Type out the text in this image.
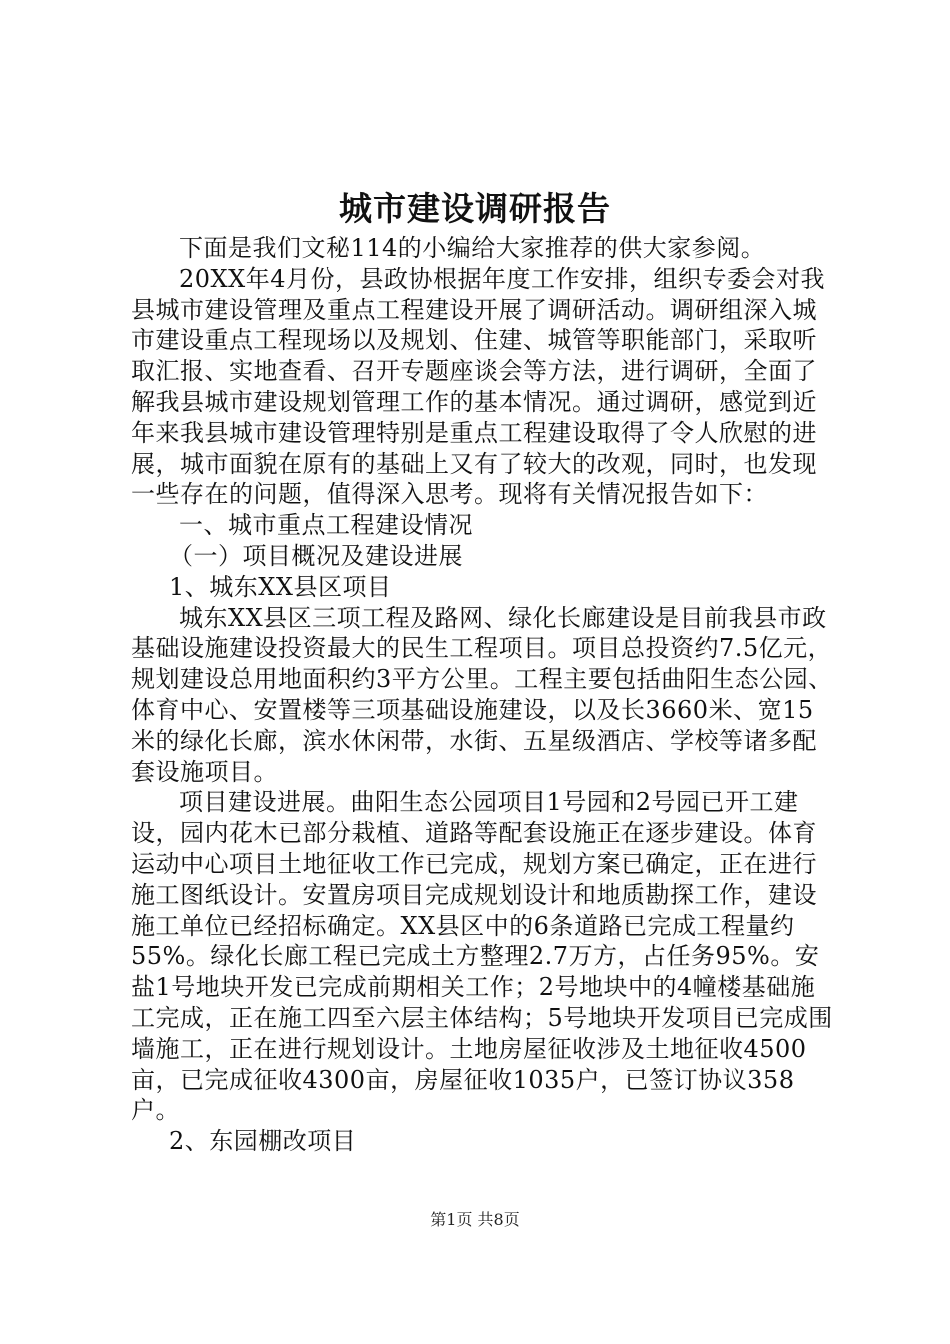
城市建设调研报告

下面是我们文秘114的小编给大家推荐的供大家参阅。

20XX年4月份，县政协根据年度工作安排，组织专委会对我县城市建设管理及重点工程建设开展了调研活动。调研组深入城市建设重点工程现场以及规划、住建、城管等职能部门，采取听取汇报、实地查看、召开专题座谈会等方法，进行调研，全面了解我县城市建设规划管理工作的基本情况。通过调研，感觉到近年来我县城市建设管理特别是重点工程建设取得了令人欣慰的进展，城市面貌在原有的基础上又有了较大的改观，同时，也发现一些存在的问题，值得深入思考。现将有关情况报告如下：

一、城市重点工程建设情况

（一）项目概况及建设进展

1、城东XX县区项目

城东XX县区三项工程及路网、绿化长廊建设是目前我县市政基础设施建设投资最大的民生工程项目。项目总投资约7.5亿元，规划建设总用地面积约3平方公里。工程主要包括曲阳生态公园、体育中心、安置楼等三项基础设施建设，以及长3660米、宽15米的绿化长廊，滨水休闲带，水街、五星级酒店、学校等诸多配套设施项目。

项目建设进展。曲阳生态公园项目1号园和2号园已开工建设，园内花木已部分栽植、道路等配套设施正在逐步建设。体育运动中心项目土地征收工作已完成，规划方案已确定，正在进行施工图纸设计。安置房项目完成规划设计和地质勘探工作，建设施工单位已经招标确定。XX县区中的6条道路已完成工程量约55%。绿化长廊工程已完成土方整理2.7万方，占任务95%。安盐1号地块开发已完成前期相关工作；2号地块中的4幢楼基础施工完成，正在施工四至六层主体结构；5号地块开发项目已完成围墙施工，正在进行规划设计。土地房屋征收涉及土地征收4500亩，已完成征收4300亩，房屋征收1035户，已签订协议358户。

2、东园棚改项目

第1页 共8页
